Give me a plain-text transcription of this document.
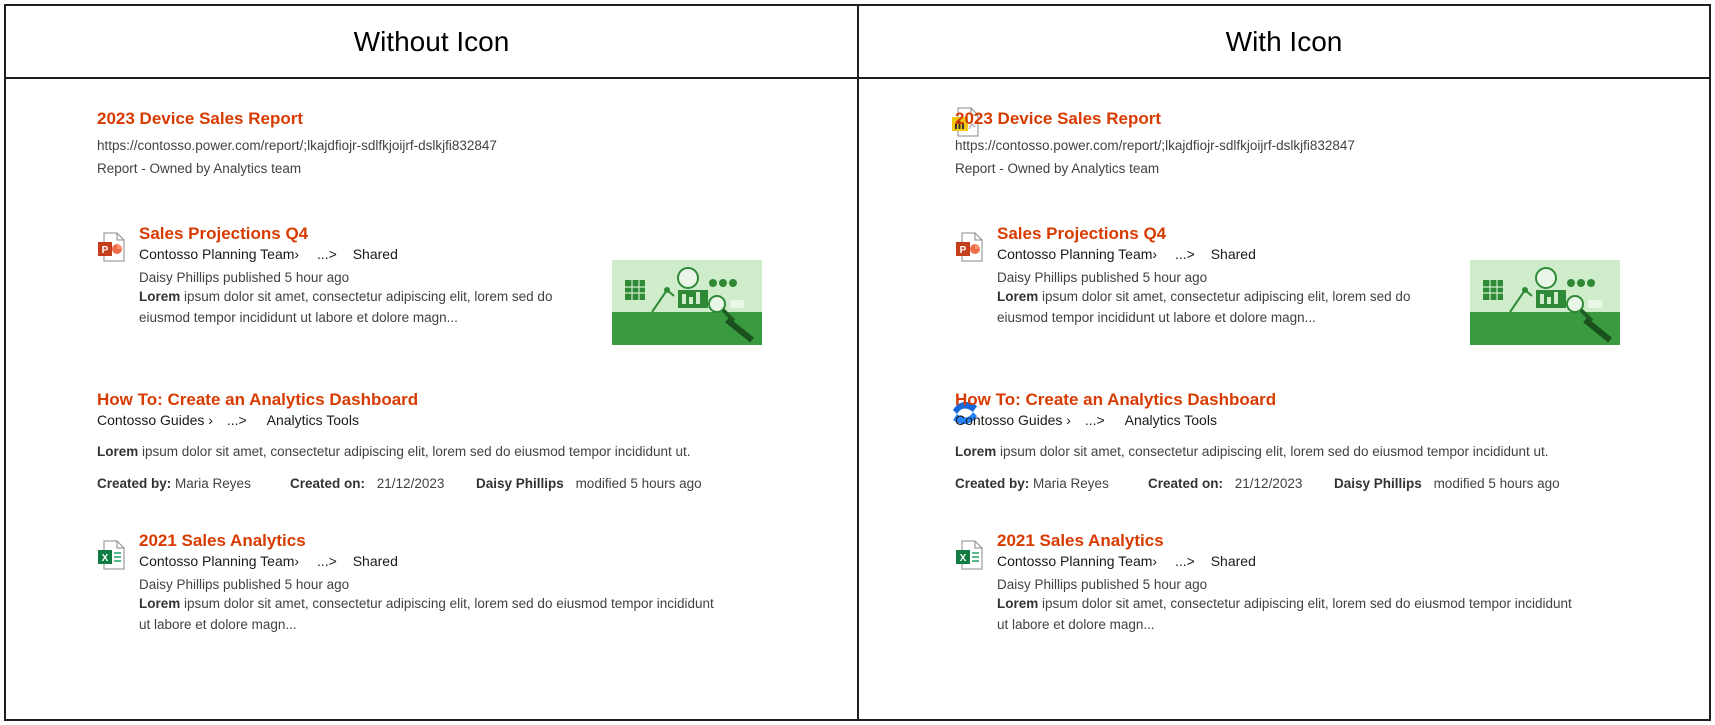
Without Icon	With Icon
2023 Device Sales Report
https://contosso.power.com/report/;lkajdfiojr-sdlfkjoijrf-dslkjfi832847
Report - Owned by Analytics team
P
Sales Projections Q4
Contosso Planning Team› ...> Shared
Daisy Phillips published 5 hour ago
Lorem ipsum dolor sit amet, consectetur adipiscing elit, lorem sed do eiusmod tempor incididunt ut labore et dolore magn...
How To: Create an Analytics Dashboard
Contosso Guides › ...> Analytics Tools
Lorem ipsum dolor sit amet, consectetur adipiscing elit, lorem sed do eiusmod tempor incididunt ut.
Created by: Maria Reyes	Created on: 21/12/2023 Daisy Phillips modified 5 hours ago
X
2021 Sales Analytics
Contosso Planning Team› ...> Shared
Daisy Phillips published 5 hour ago
Lorem ipsum dolor sit amet, consectetur adipiscing elit, lorem sed do eiusmod tempor incididunt ut labore et dolore magn...
2023 Device Sales Report
https://contosso.power.com/report/;lkajdfiojr-sdlfkjoijrf-dslkjfi832847
Report - Owned by Analytics team
P
Sales Projections Q4
Contosso Planning Team› ...> Shared
Daisy Phillips published 5 hour ago
Lorem ipsum dolor sit amet, consectetur adipiscing elit, lorem sed do eiusmod tempor incididunt ut labore et dolore magn...
How To: Create an Analytics Dashboard
Contosso Guides › ...> Analytics Tools
Lorem ipsum dolor sit amet, consectetur adipiscing elit, lorem sed do eiusmod tempor incididunt ut.
Created by: Maria Reyes	Created on: 21/12/2023 Daisy Phillips modified 5 hours ago
X
2021 Sales Analytics
Contosso Planning Team› ...> Shared
Daisy Phillips published 5 hour ago
Lorem ipsum dolor sit amet, consectetur adipiscing elit, lorem sed do eiusmod tempor incididunt ut labore et dolore magn...
